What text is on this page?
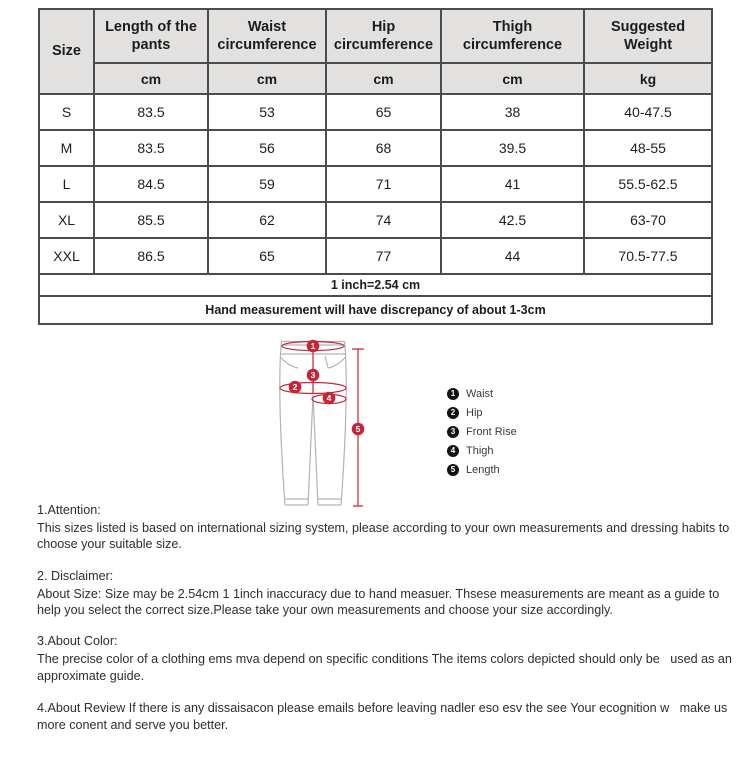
Size	Length of the pants	Waist circumference	Hip circumference	Thigh circumference	Suggested Weight
	cm	cm	cm	cm	kg
S	83.5	53	65	38	40-47.5
M	83.5	56	68	39.5	48-55
L	84.5	59	71	41	55.5-62.5
XL	85.5	62	74	42.5	63-70
XXL	86.5	65	77	44	70.5-77.5
1 inch=2.54 cm					
Hand measurement will have discrepancy of about 1-3cm					
1
2
3
4
5
1 Waist
2 Hip
3 Front Rise
4 Thigh
5 Length
1.Attention:
This sizes listed is based on international sizing system, please according to your own measurements and dressing habits to choose your suitable size.
2. Disclaimer:
About Size: Size may be 2.54cm 1 1inch inaccuracy due to hand measuer. Thsese measurements are meant as a guide to help you select the correct size.Please take your own measurements and choose your size accordingly.
3.About Color:
The precise color of a clothing ems mva depend on specific conditions The items colors depicted should only be   used as an approximate guide.
4.About Review If there is any dissaisacon please emails before leaving nadler eso esv the see Your ecognition w   make us more conent and serve you better.
